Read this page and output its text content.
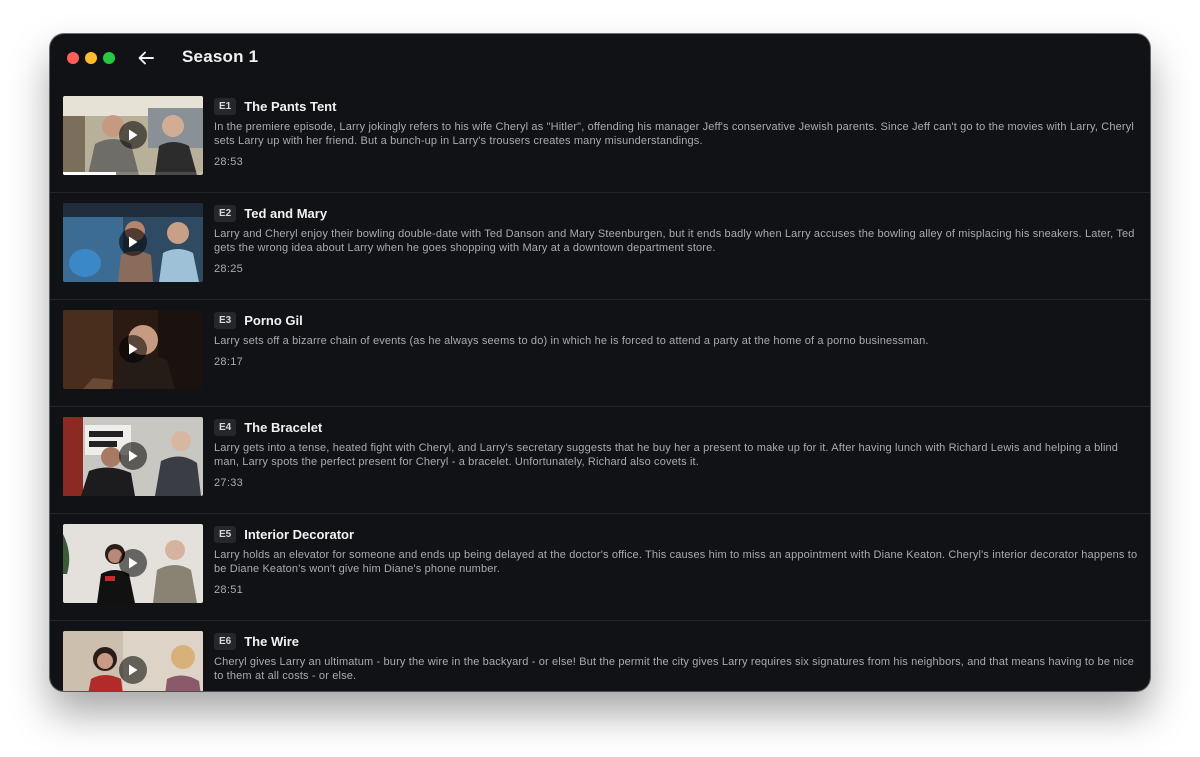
Season 1
E1	The Pants Tent
In the premiere episode, Larry jokingly refers to his wife Cheryl as "Hitler", offending his manager Jeff's conservative Jewish parents. Since Jeff can't go to the movies with Larry, Cheryl sets Larry up with her friend. But a bunch-up in Larry's trousers creates many misunderstandings.
28:53
E2	Ted and Mary
Larry and Cheryl enjoy their bowling double-date with Ted Danson and Mary Steenburgen, but it ends badly when Larry accuses the bowling alley of misplacing his sneakers. Later, Ted gets the wrong idea about Larry when he goes shopping with Mary at a downtown department store.
28:25
E3	Porno Gil
Larry sets off a bizarre chain of events (as he always seems to do) in which he is forced to attend a party at the home of a porno businessman.
28:17
E4	The Bracelet
Larry gets into a tense, heated fight with Cheryl, and Larry's secretary suggests that he buy her a present to make up for it. After having lunch with Richard Lewis and helping a blind man, Larry spots the perfect present for Cheryl - a bracelet. Unfortunately, Richard also covets it.
27:33
E5	Interior Decorator
Larry holds an elevator for someone and ends up being delayed at the doctor's office. This causes him to miss an appointment with Diane Keaton. Cheryl's interior decorator happens to be Diane Keaton's won't give him Diane's phone number.
28:51
E6	The Wire
Cheryl gives Larry an ultimatum - bury the wire in the backyard - or else! But the permit the city gives Larry requires six signatures from his neighbors, and that means having to be nice to them at all costs - or else.
